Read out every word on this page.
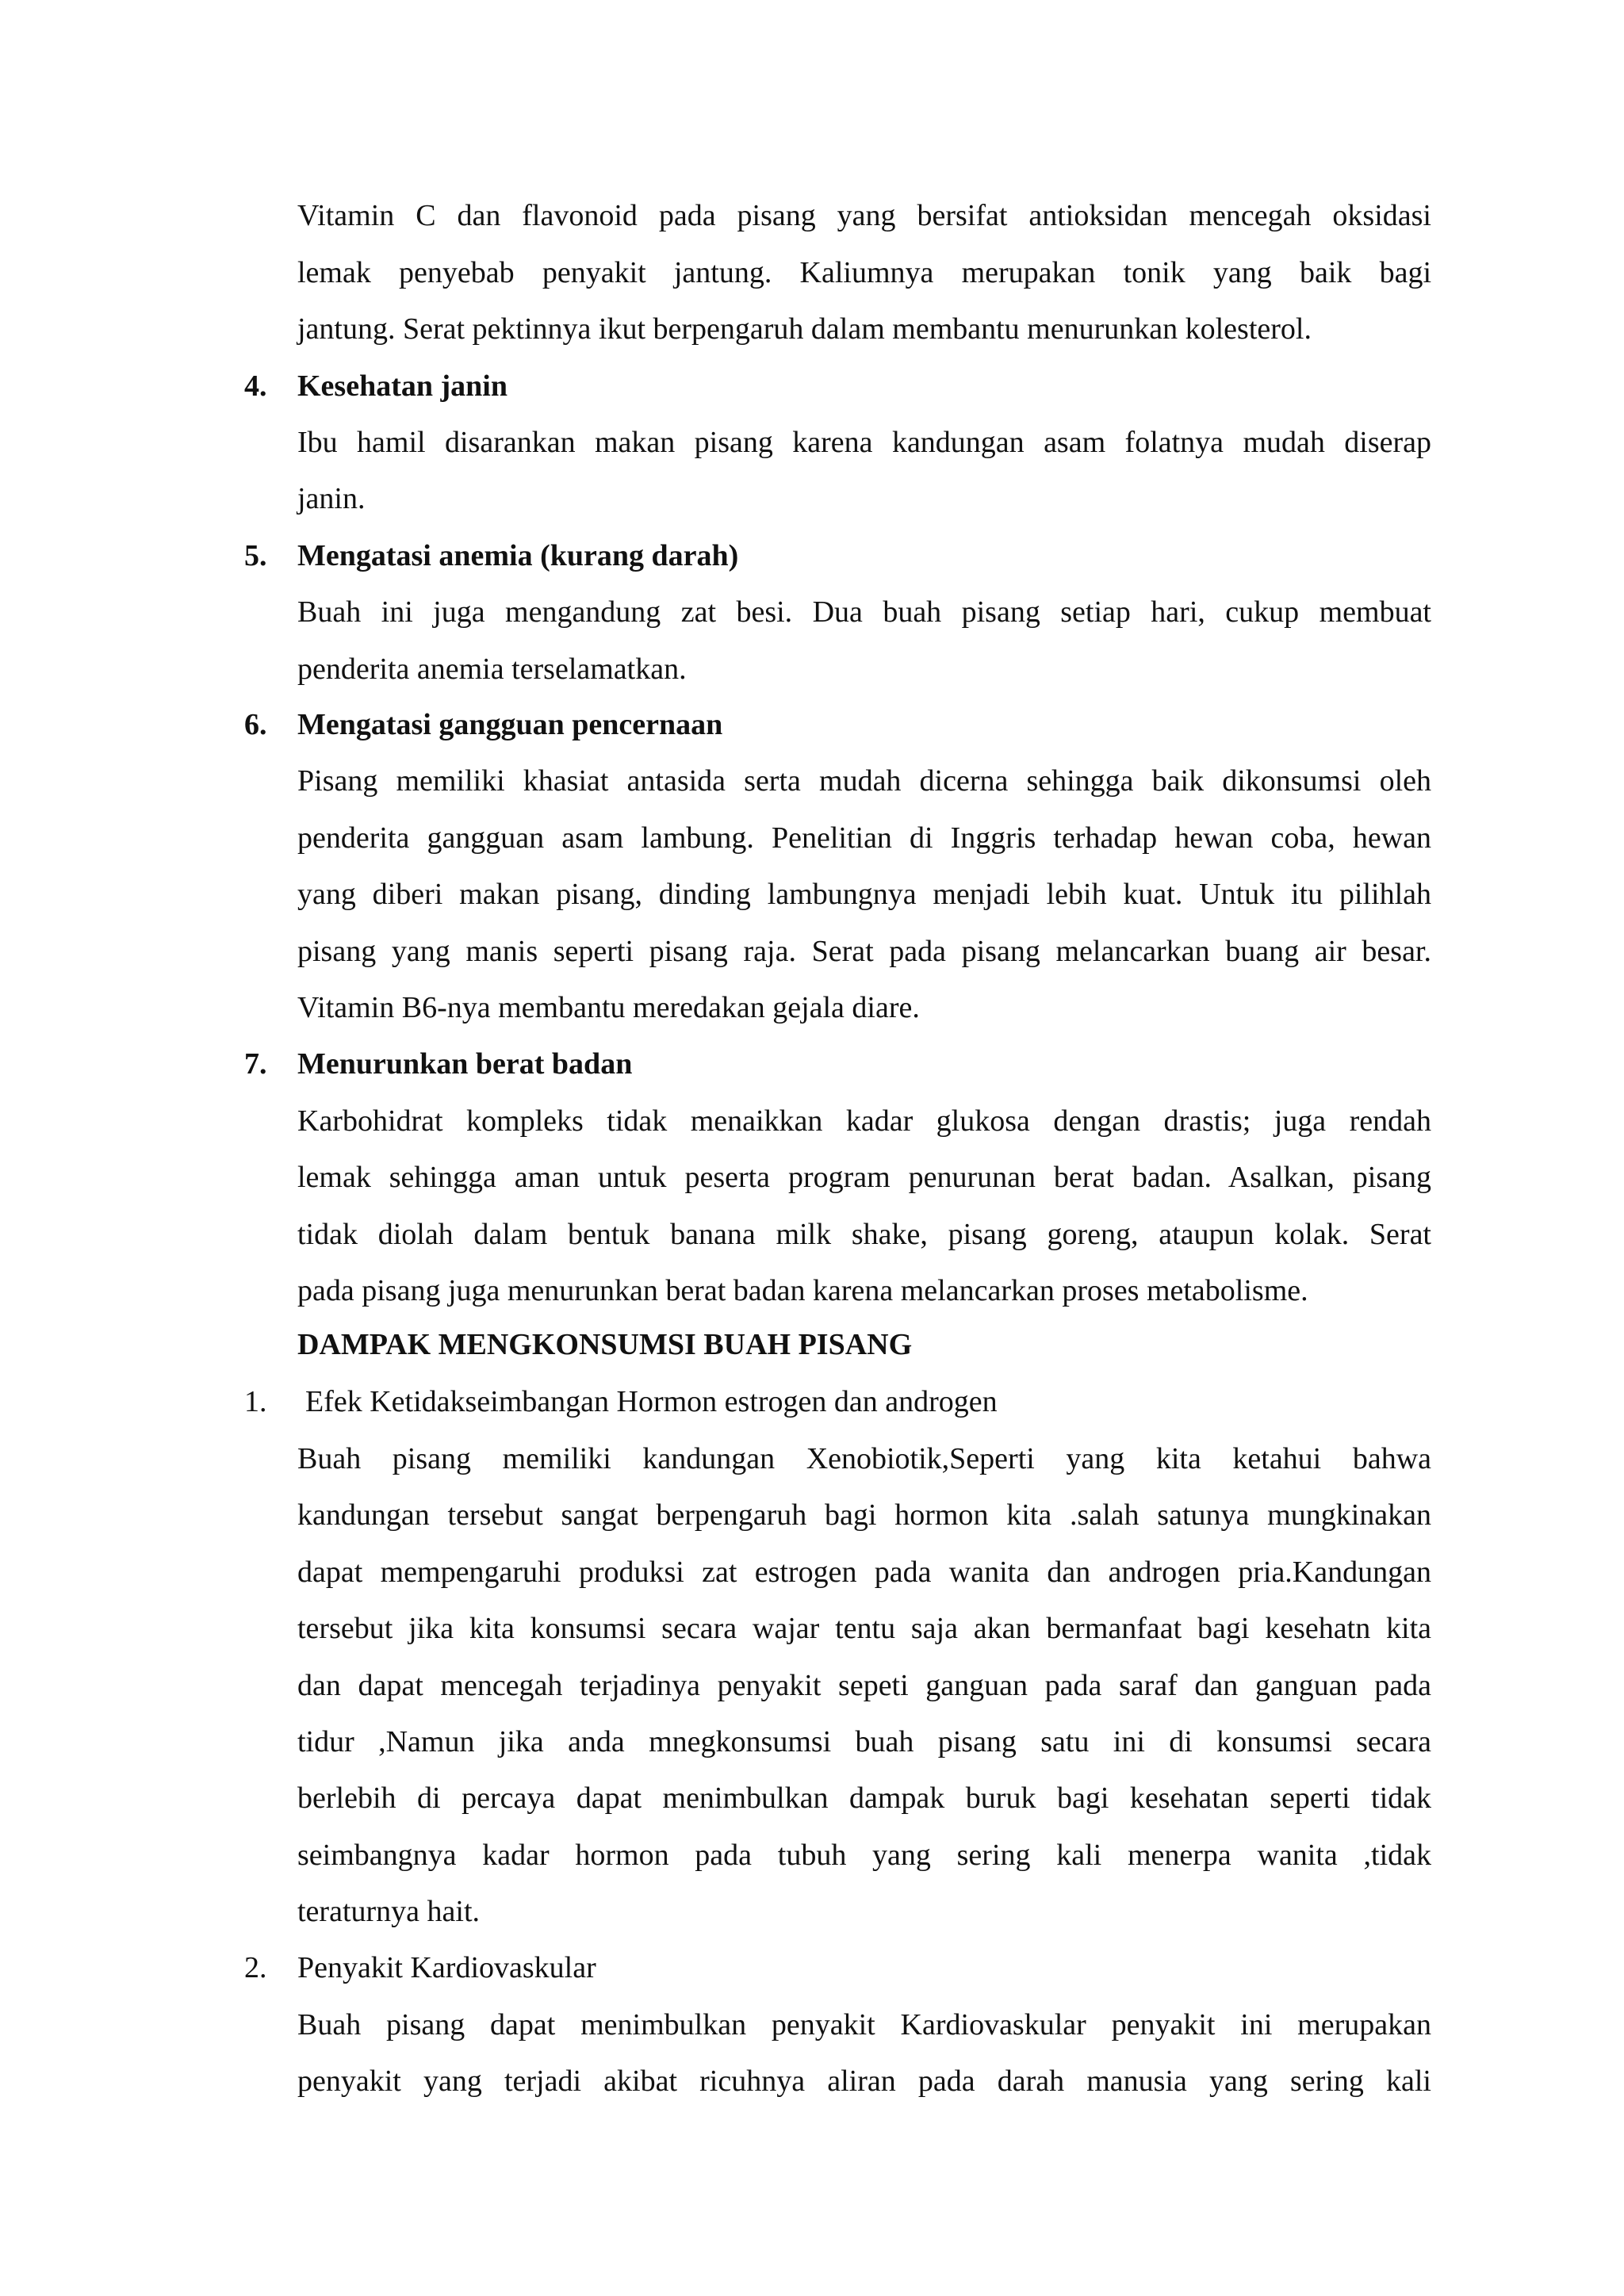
Vitamin C dan flavonoid pada pisang yang bersifat antioksidan mencegah oksidasi
lemak penyebab penyakit jantung. Kaliumnya merupakan tonik yang baik bagi
jantung. Serat pektinnya ikut berpengaruh dalam membantu menurunkan kolesterol.
4. Kesehatan janin
Ibu hamil disarankan makan pisang karena kandungan asam folatnya mudah diserap
janin.
5. Mengatasi anemia (kurang darah)
Buah ini juga mengandung zat besi. Dua buah pisang setiap hari, cukup membuat
penderita anemia terselamatkan.
6. Mengatasi gangguan pencernaan
Pisang memiliki khasiat antasida serta mudah dicerna sehingga baik dikonsumsi oleh
penderita gangguan asam lambung. Penelitian di Inggris terhadap hewan coba, hewan
yang diberi makan pisang, dinding lambungnya menjadi lebih kuat. Untuk itu pilihlah
pisang yang manis seperti pisang raja. Serat pada pisang melancarkan buang air besar.
Vitamin B6-nya membantu meredakan gejala diare.
7. Menurunkan berat badan
Karbohidrat kompleks tidak menaikkan kadar glukosa dengan drastis; juga rendah
lemak sehingga aman untuk peserta program penurunan berat badan. Asalkan, pisang
tidak diolah dalam bentuk banana milk shake, pisang goreng, ataupun kolak. Serat
pada pisang juga menurunkan berat badan karena melancarkan proses metabolisme.
DAMPAK MENGKONSUMSI BUAH PISANG
1. Efek Ketidakseimbangan Hormon estrogen dan androgen
Buah pisang memiliki kandungan Xenobiotik,Seperti yang kita ketahui bahwa
kandungan tersebut sangat berpengaruh bagi hormon kita .salah satunya mungkinakan
dapat mempengaruhi produksi zat estrogen pada wanita dan androgen pria.Kandungan
tersebut jika kita konsumsi secara wajar tentu saja akan bermanfaat bagi kesehatn kita
dan dapat mencegah terjadinya penyakit sepeti ganguan pada saraf dan ganguan pada
tidur ,Namun jika anda mnegkonsumsi buah pisang satu ini di konsumsi secara
berlebih di percaya dapat menimbulkan dampak buruk bagi kesehatan seperti tidak
seimbangnya kadar hormon pada tubuh yang sering kali menerpa wanita ,tidak
teraturnya hait.
2. Penyakit Kardiovaskular
Buah pisang dapat menimbulkan penyakit Kardiovaskular penyakit ini merupakan
penyakit yang terjadi akibat ricuhnya aliran pada darah manusia yang sering kali
